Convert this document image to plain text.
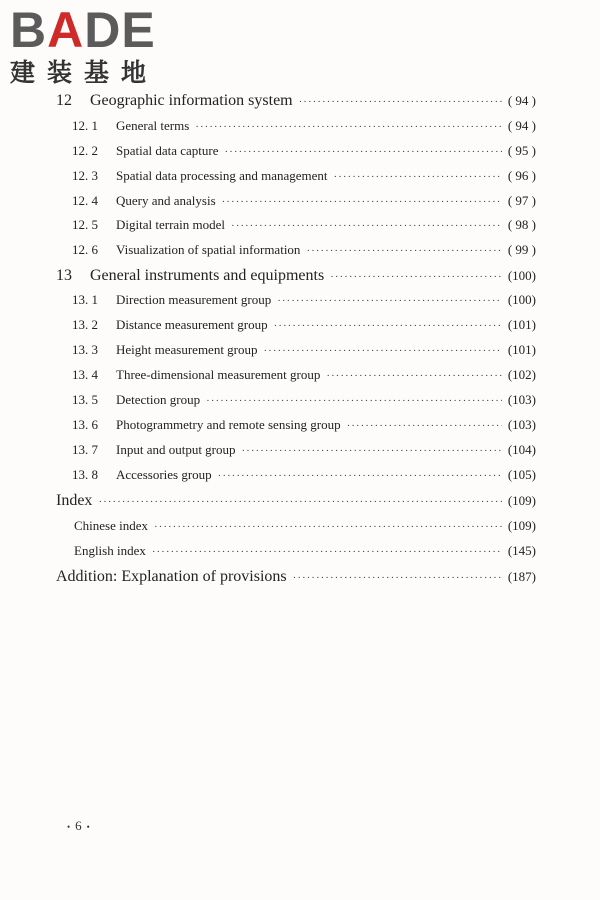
BADE
建装基地
12	Geographic information system ·····	( 94 )
12. 1	General terms ·····	( 94 )
12. 2	Spatial data capture ·····	( 95 )
12. 3	Spatial data processing and management ·····	( 96 )
12. 4	Query and analysis ·····	( 97 )
12. 5	Digital terrain model ·····	( 98 )
12. 6	Visualization of spatial information ·····	( 99 )
13	General instruments and equipments ·····	(100)
13. 1	Direction measurement group ·····	(100)
13. 2	Distance measurement group ·····	(101)
13. 3	Height measurement group ·····	(101)
13. 4	Three-dimensional measurement group ·····	(102)
13. 5	Detection group ·····	(103)
13. 6	Photogrammetry and remote sensing group ·····	(103)
13. 7	Input and output group ·····	(104)
13. 8	Accessories group ·····	(105)
Index ·····	(109)
Chinese index ·····	(109)
English index ·····	(145)
Addition: Explanation of provisions ·····	(187)
• 6 •
